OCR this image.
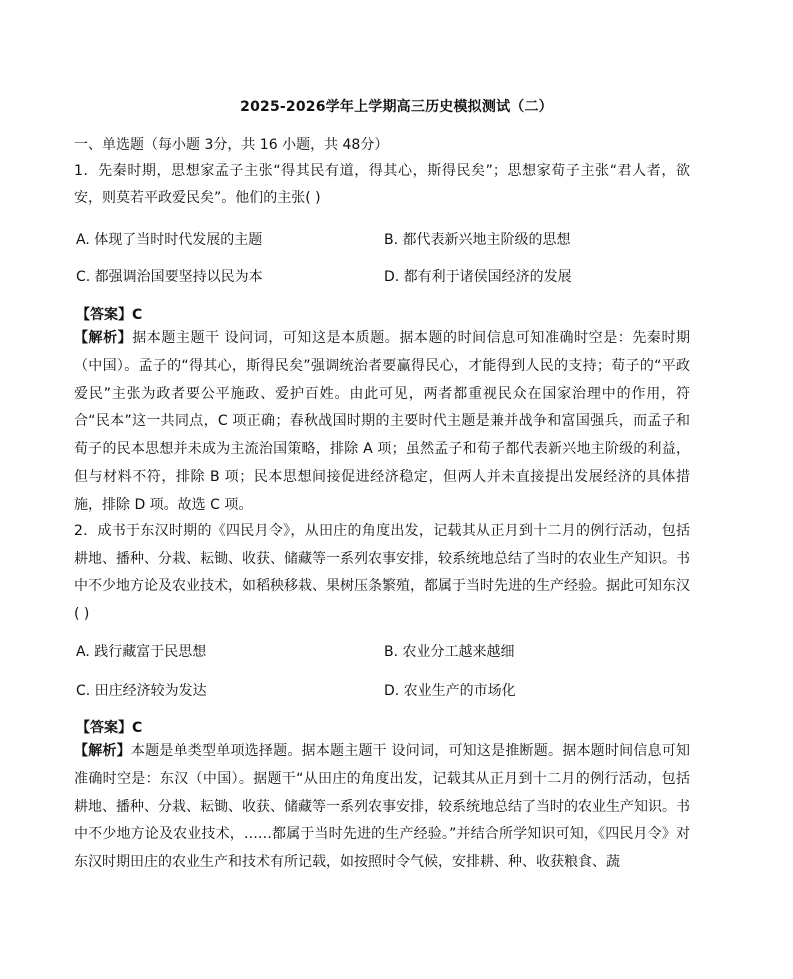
2025-2026学年上学期高三历史模拟测试（二）
一、单选题（每小题 3分，共 16 小题，共 48分）
1．先秦时期，思想家孟子主张“得其民有道，得其心，斯得民矣”；思想家荀子主张“君人者，欲安，则莫若平政爱民矣”。他们的主张( )
A. 体现了当时时代发展的主题	B. 都代表新兴地主阶级的思想
C. 都强调治国要坚持以民为本	D. 都有利于诸侯国经济的发展
【答案】C
【解析】据本题主题干 设问词，可知这是本质题。据本题的时间信息可知准确时空是：先秦时期（中国）。孟子的“得其心，斯得民矣”强调统治者要赢得民心，才能得到人民的支持；荀子的“平政爱民”主张为政者要公平施政、爱护百姓。由此可见，两者都重视民众在国家治理中的作用，符合“民本”这一共同点，C 项正确；春秋战国时期的主要时代主题是兼并战争和富国强兵，而孟子和荀子的民本思想并未成为主流治国策略，排除 A 项；虽然孟子和荀子都代表新兴地主阶级的利益，但与材料不符，排除 B 项；民本思想间接促进经济稳定，但两人并未直接提出发展经济的具体措施，排除 D 项。故选 C 项。
2．成书于东汉时期的《四民月令》，从田庄的角度出发，记载其从正月到十二月的例行活动，包括耕地、播种、分栽、耘锄、收获、储藏等一系列农事安排，较系统地总结了当时的农业生产知识。书中不少地方论及农业技术，如稻秧移栽、果树压条繁殖，都属于当时先进的生产经验。据此可知东汉( )
A. 践行藏富于民思想	B. 农业分工越来越细
C. 田庄经济较为发达	D. 农业生产的市场化
【答案】C
【解析】本题是单类型单项选择题。据本题主题干 设问词，可知这是推断题。据本题时间信息可知准确时空是：东汉（中国）。据题干“从田庄的角度出发，记载其从正月到十二月的例行活动，包括耕地、播种、分栽、耘锄、收获、储藏等一系列农事安排，较系统地总结了当时的农业生产知识。书中不少地方论及农业技术，……都属于当时先进的生产经验。”并结合所学知识可知，《四民月令》对东汉时期田庄的农业生产和技术有所记载，如按照时令气候，安排耕、种、收获粮食、蔬
